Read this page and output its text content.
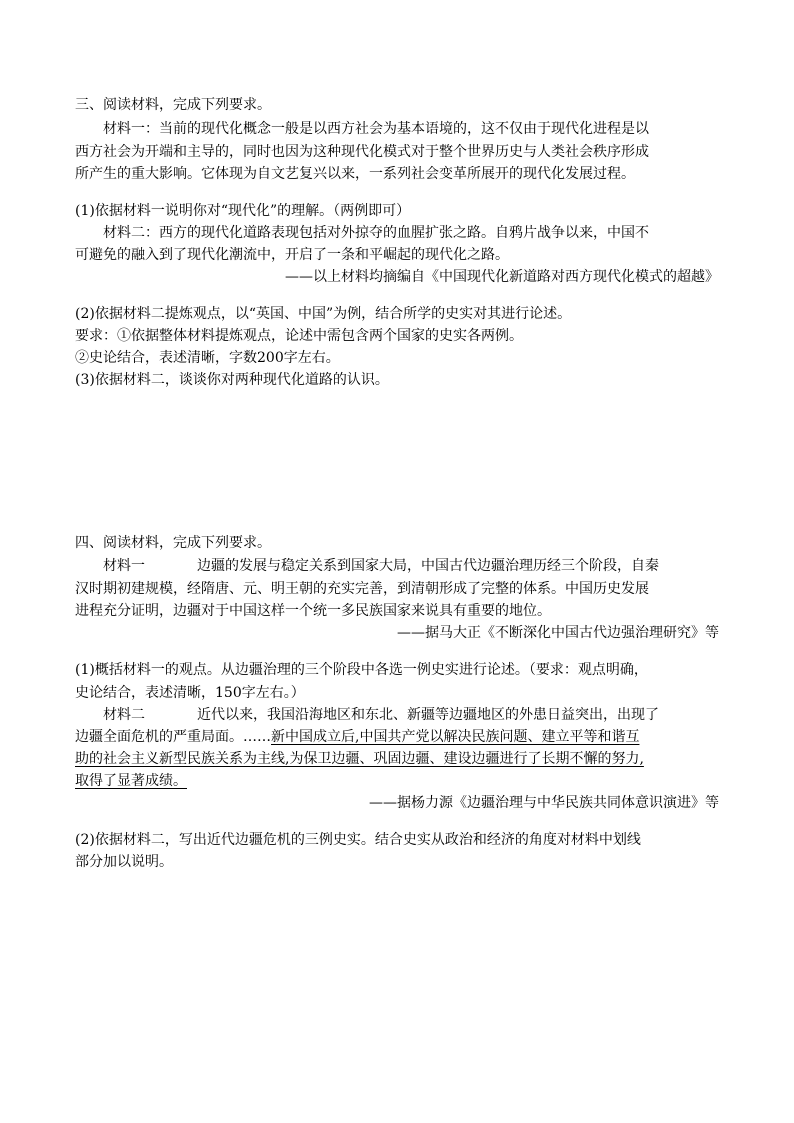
三、阅读材料，完成下列要求。
材料一：当前的现代化概念一般是以西方社会为基本语境的，这不仅由于现代化进程是以
西方社会为开端和主导的，同时也因为这种现代化模式对于整个世界历史与人类社会秩序形成
所产生的重大影响。它体现为自文艺复兴以来，一系列社会变革所展开的现代化发展过程。
(1)依据材料一说明你对“现代化”的理解。（两例即可）
材料二：西方的现代化道路表现包括对外掠夺的血腥扩张之路。自鸦片战争以来，中国不
可避免的融入到了现代化潮流中，开启了一条和平崛起的现代化之路。
——以上材料均摘编自《中国现代化新道路对西方现代化模式的超越》
(2)依据材料二提炼观点，以“英国、中国”为例，结合所学的史实对其进行论述。
要求：①依据整体材料提炼观点，论述中需包含两个国家的史实各两例。
②史论结合，表述清晰，字数200字左右。
(3)依据材料二，谈谈你对两种现代化道路的认识。
四、阅读材料，完成下列要求。
材料一	边疆的发展与稳定关系到国家大局，中国古代边疆治理历经三个阶段，自秦
汉时期初建规模，经隋唐、元、明王朝的充实完善，到清朝形成了完整的体系。中国历史发展
进程充分证明，边疆对于中国这样一个统一多民族国家来说具有重要的地位。
——据马大正《不断深化中国古代边强治理研究》等
(1)概括材料一的观点。从边疆治理的三个阶段中各选一例史实进行论述。（要求：观点明确，
史论结合，表述清晰，150字左右。）
材料二	近代以来，我国沿海地区和东北、新疆等边疆地区的外患日益突出，出现了
边疆全面危机的严重局面。……新中国成立后,中国共产党以解决民族问题、建立平等和谐互
助的社会主义新型民族关系为主线,为保卫边疆、巩固边疆、建设边疆进行了长期不懈的努力,
取得了显著成绩。
——据杨力源《边疆治理与中华民族共同体意识演进》等
(2)依据材料二，写出近代边疆危机的三例史实。结合史实从政治和经济的角度对材料中划线
部分加以说明。
